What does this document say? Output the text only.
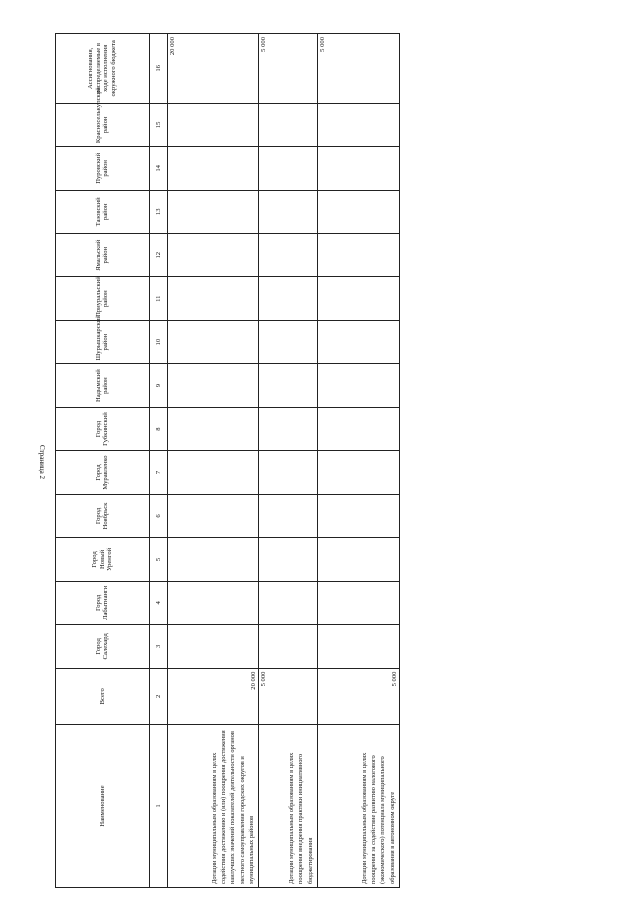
Страница 2
Наименование	Всего	Город Салехард	Город Лабытнанги	Город Новый Уренгой	Город Ноябрьск	Город Муравленко	Город Губкинский	Надымский район	Шурышкарский район	Приуральский район	Ямальский район	Тазовский район	Пуровский район	Красноселькупский район	Ассигнования, распределяемые в ходе исполнения окружного бюджета
1	2	3	4	5	6	7	8	9	10	11	12	13	14	15	16
Дотации муниципальным образованиям в целях содействия достижению и (или) поощрения достижения наилучших значений показателей деятельности органов местного самоуправления городских округов и муниципальных районов	20 000														20 000
Дотации муниципальным образованиям в целях поощрения внедрения практики инициативного бюджетирования	5 000														5 000
Дотации муниципальным образованиям в целях поощрения за содействие развитию налогового (экономического) потенциала муниципального образования в автономном округе	5 000														5 000
